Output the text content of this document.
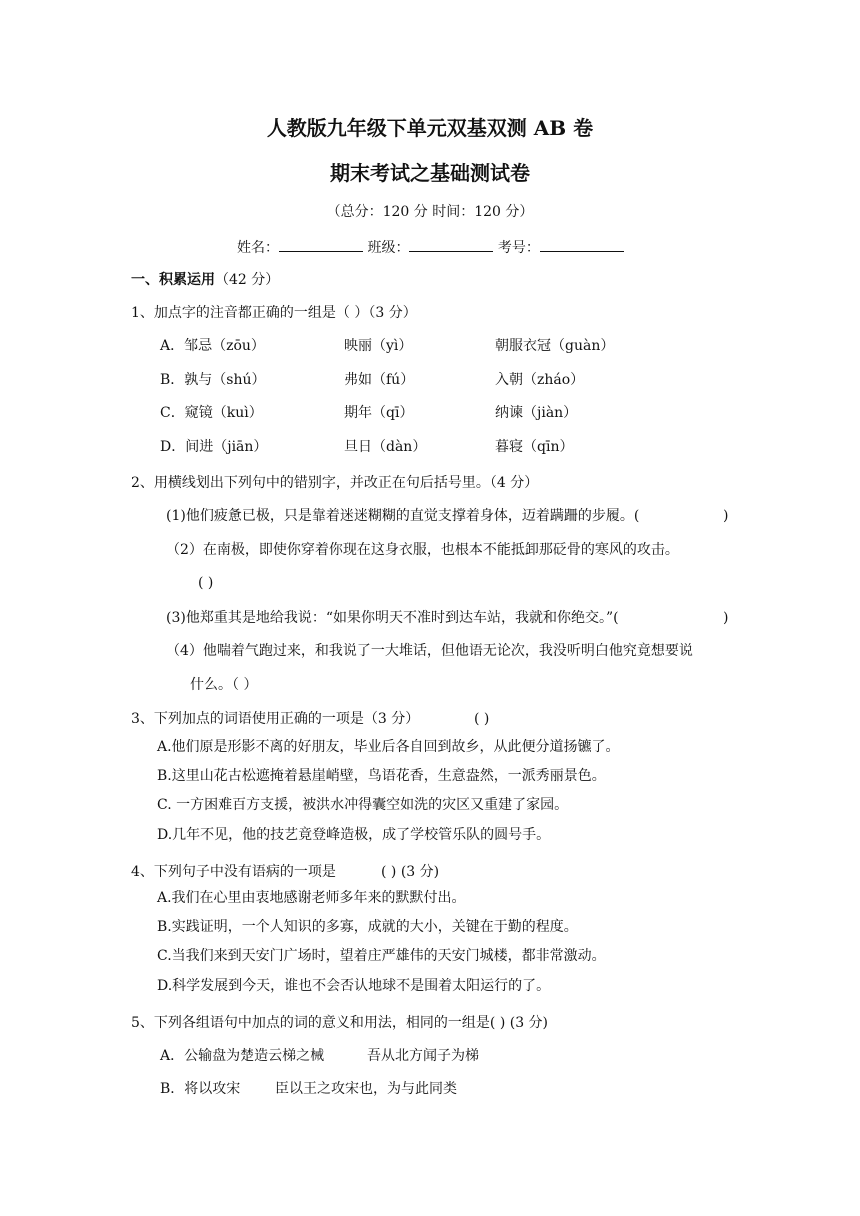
人教版九年级下单元双基双测 AB 卷
期末考试之基础测试卷
（总分：120 分 时间：120 分）
姓名：	班级：	考号：
一、积累运用（42 分）
1、加点字的注音都正确的一组是（ ）（3 分）
A．邹忌（zōu）	映丽（yì）	朝服衣冠（guàn）
B．孰与（shú）	弗如（fú）	入朝（zháo）
C．窥镜（kuì）	期年（qī）	纳谏（jiàn）
D．间进（jiān）	旦日（dàn）	暮寝（qīn）
2、用横线划出下列句中的错别字，并改正在句后括号里。（4 分）
(1)他们疲惫已极，只是靠着迷迷糊糊的直觉支撑着身体，迈着蹒跚的步履。(	)
（2）在南极，即使你穿着你现在这身衣服，也根本不能抵卸那砭骨的寒风的攻击。
( )
(3)他郑重其是地给我说：“如果你明天不准时到达车站，我就和你绝交。”(	)
（4）他喘着气跑过来，和我说了一大堆话，但他语无论次，我没听明白他究竟想要说
什么。（ ）
3、下列加点的词语使用正确的一项是（3 分）	( )
A.他们原是形影不离的好朋友，毕业后各自回到故乡，从此便分道扬镳了。
B.这里山花古松遮掩着悬崖峭壁，鸟语花香，生意盎然，一派秀丽景色。
C. 一方困难百方支援，被洪水冲得囊空如洗的灾区又重建了家园。
D.几年不见，他的技艺竟登峰造极，成了学校管乐队的圆号手。
4、下列句子中没有语病的一项是	( ) (3 分)
A.我们在心里由衷地感谢老师多年来的默默付出。
B.实践证明，一个人知识的多寡，成就的大小，关键在于勤的程度。
C.当我们来到天安门广场时，望着庄严雄伟的天安门城楼，都非常激动。
D.科学发展到今天，谁也不会否认地球不是围着太阳运行的了。
5、下列各组语句中加点的词的意义和用法，相同的一组是( ) (3 分)
A．公输盘为楚造云梯之械	吾从北方闻子为梯
B．将以攻宋 臣以王之攻宋也，为与此同类
